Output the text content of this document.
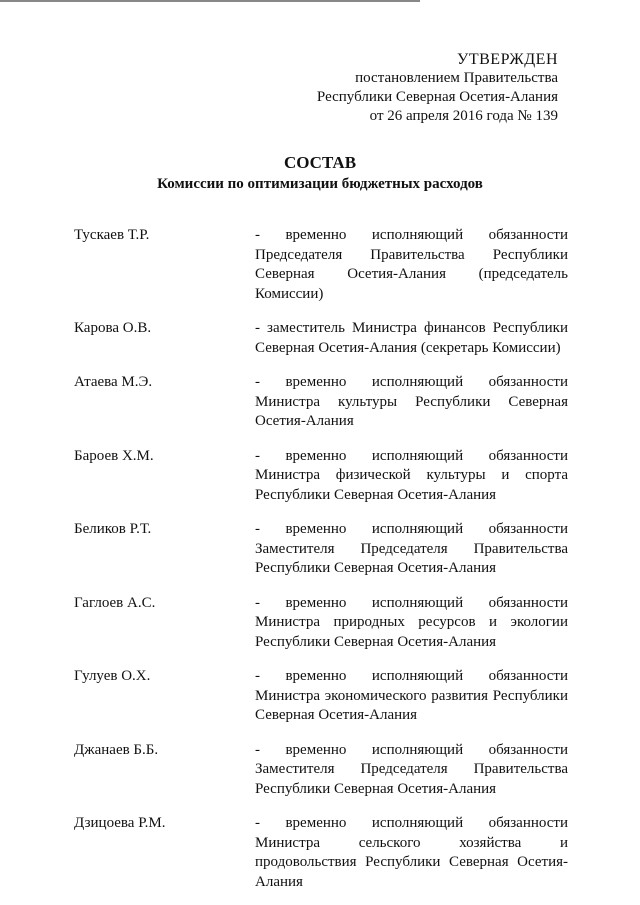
УТВЕРЖДЕН
постановлением Правительства
Республики Северная Осетия-Алания
от 26 апреля 2016 года № 139
СОСТАВ
Комиссии по оптимизации бюджетных расходов
Тускаев Т.Р.	- временно исполняющий обязанности Председателя Правительства Республики Северная Осетия-Алания (председатель Комиссии)
Карова О.В.	- заместитель Министра финансов Республики Северная Осетия-Алания (секретарь Комиссии)
Атаева М.Э.	- временно исполняющий обязанности Министра культуры Республики Северная Осетия-Алания
Бароев Х.М.	- временно исполняющий обязанности Министра физической культуры и спорта Республики Северная Осетия-Алания
Беликов Р.Т.	- временно исполняющий обязанности Заместителя Председателя Правительства Республики Северная Осетия-Алания
Гаглоев А.С.	- временно исполняющий обязанности Министра природных ресурсов и экологии Республики Северная Осетия-Алания
Гулуев О.Х.	- временно исполняющий обязанности Министра экономического развития Республики Северная Осетия-Алания
Джанаев Б.Б.	- временно исполняющий обязанности Заместителя Председателя Правительства Республики Северная Осетия-Алания
Дзицоева Р.М.	- временно исполняющий обязанности Министра сельского хозяйства и продовольствия Республики Северная Осетия-Алания
